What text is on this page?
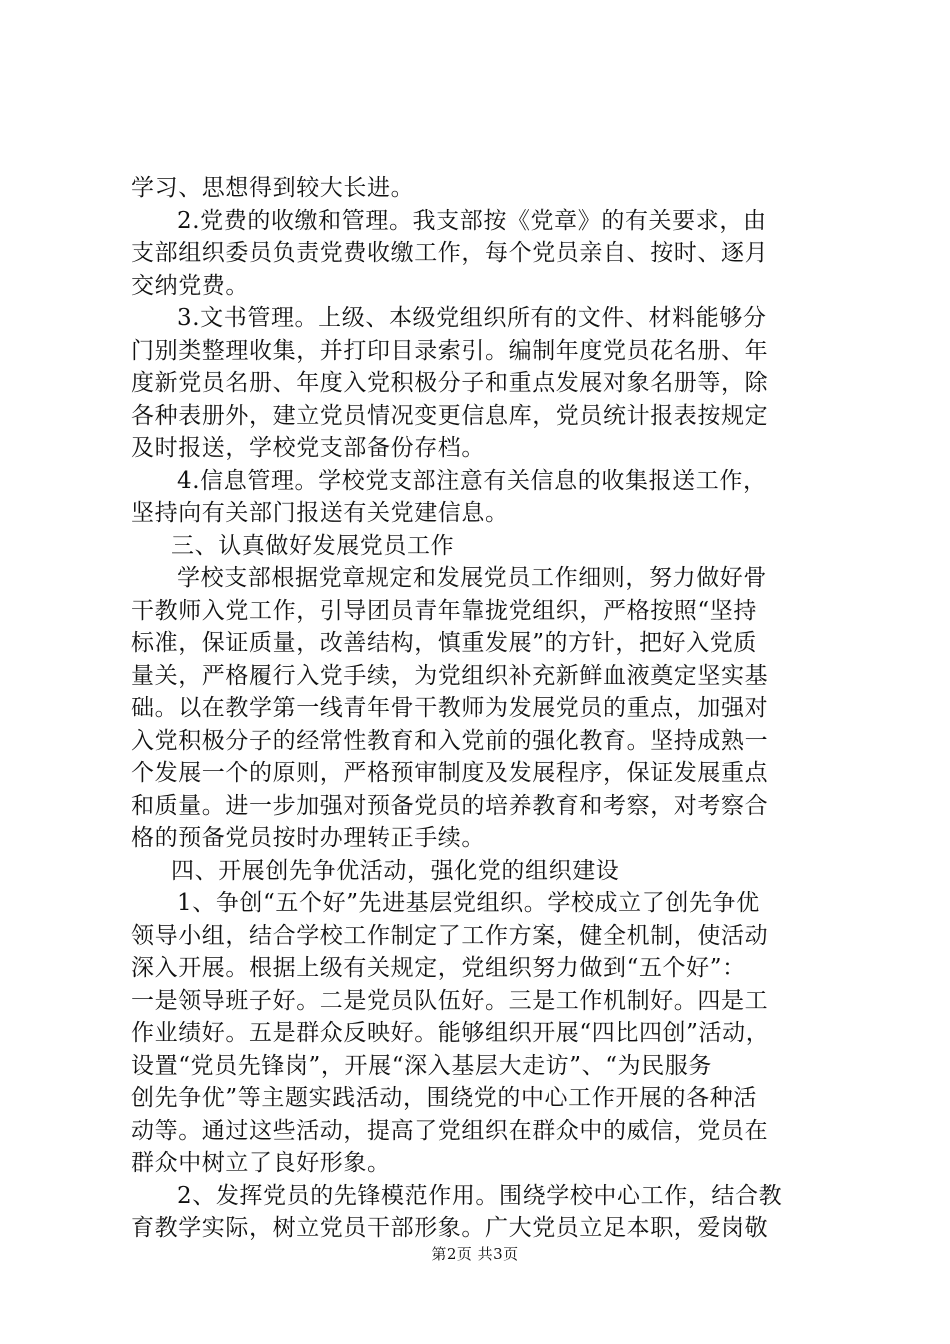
学习、思想得到较大长进。
2.党费的收缴和管理。我支部按《党章》的有关要求，由
支部组织委员负责党费收缴工作，每个党员亲自、按时、逐月
交纳党费。
3.文书管理。上级、本级党组织所有的文件、材料能够分
门别类整理收集，并打印目录索引。编制年度党员花名册、年
度新党员名册、年度入党积极分子和重点发展对象名册等，除
各种表册外，建立党员情况变更信息库，党员统计报表按规定
及时报送，学校党支部备份存档。
4.信息管理。学校党支部注意有关信息的收集报送工作，
坚持向有关部门报送有关党建信息。
三、认真做好发展党员工作
学校支部根据党章规定和发展党员工作细则，努力做好骨
干教师入党工作，引导团员青年靠拢党组织，严格按照“坚持
标准，保证质量，改善结构，慎重发展”的方针，把好入党质
量关，严格履行入党手续，为党组织补充新鲜血液奠定坚实基
础。以在教学第一线青年骨干教师为发展党员的重点，加强对
入党积极分子的经常性教育和入党前的强化教育。坚持成熟一
个发展一个的原则，严格预审制度及发展程序，保证发展重点
和质量。进一步加强对预备党员的培养教育和考察，对考察合
格的预备党员按时办理转正手续。
四、开展创先争优活动，强化党的组织建设
1、争创“五个好”先进基层党组织。学校成立了创先争优
领导小组，结合学校工作制定了工作方案，健全机制，使活动
深入开展。根据上级有关规定，党组织努力做到“五个好”：
一是领导班子好。二是党员队伍好。三是工作机制好。四是工
作业绩好。五是群众反映好。能够组织开展“四比四创”活动，
设置“党员先锋岗”，开展“深入基层大走访”、“为民服务
创先争优”等主题实践活动，围绕党的中心工作开展的各种活
动等。通过这些活动，提高了党组织在群众中的威信，党员在
群众中树立了良好形象。
2、发挥党员的先锋模范作用。围绕学校中心工作，结合教
育教学实际，树立党员干部形象。广大党员立足本职，爱岗敬
第2页 共3页
